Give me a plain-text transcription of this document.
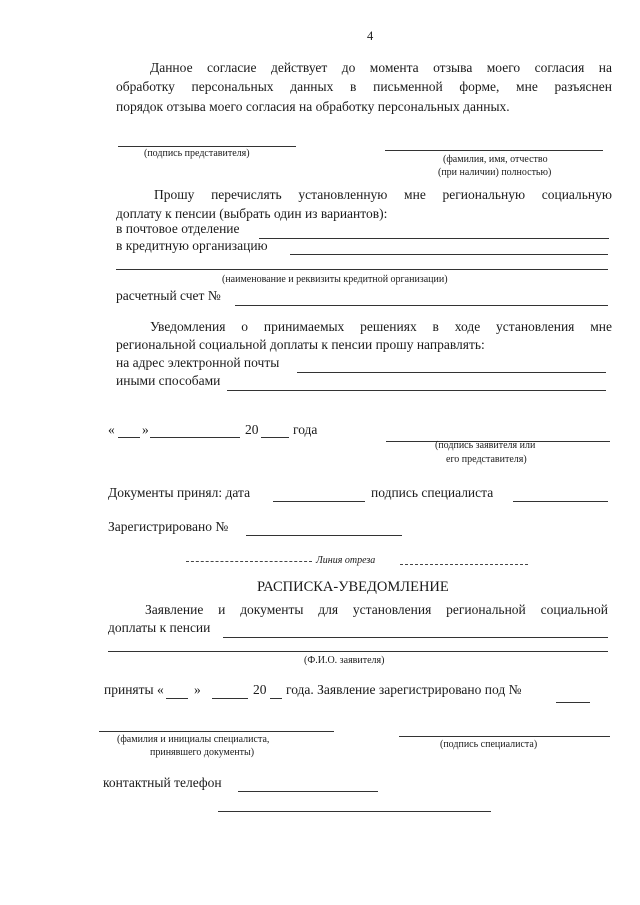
4
Данное согласие действует до момента отзыва моего согласия на
обработку персональных данных в письменной форме, мне разъяснен
порядок отзыва моего согласия на обработку персональных данных.
(подпись представителя)
(фамилия, имя, отчество
(при наличии) полностью)
Прошу перечислять установленную мне региональную социальную
доплату к пенсии (выбрать один из вариантов):
в почтовое отделение
в кредитную организацию
(наименование и реквизиты кредитной организации)
расчетный счет №
Уведомления о принимаемых решениях в ходе установления мне
региональной социальной доплаты к пенсии прошу направлять:
на адрес электронной почты
иными способами
« »	20	года
(подпись заявителя или
его представителя)
Документы принял: дата	подпись специалиста
Зарегистрировано №
Линия отреза
РАСПИСКА-УВЕДОМЛЕНИЕ
Заявление и документы для установления региональной социальной
доплаты к пенсии
(Ф.И.О. заявителя)
приняты « »	20 года. Заявление зарегистрировано под №
(фамилия и инициалы специалиста,
принявшего документы)
(подпись специалиста)
контактный телефон
